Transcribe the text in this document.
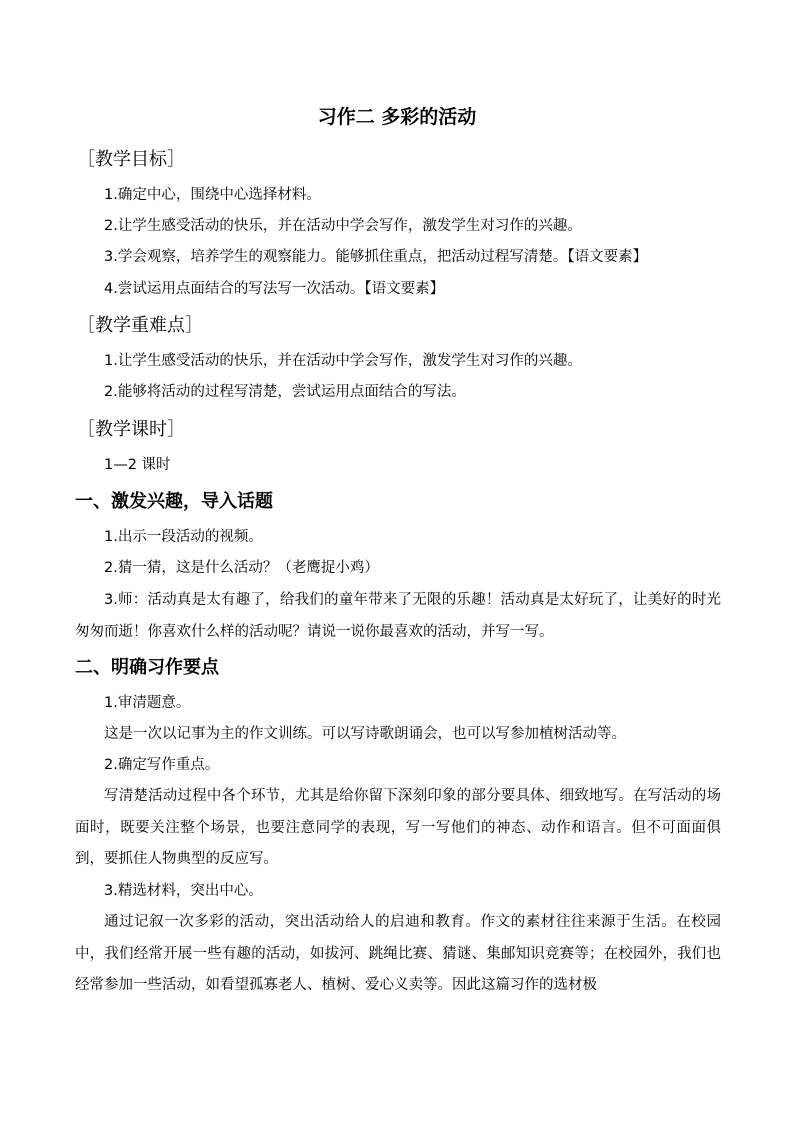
习作二 多彩的活动
［教学目标］
1.确定中心，围绕中心选择材料。
2.让学生感受活动的快乐，并在活动中学会写作，激发学生对习作的兴趣。
3.学会观察，培养学生的观察能力。能够抓住重点，把活动过程写清楚。【语文要素】
4.尝试运用点面结合的写法写一次活动。【语文要素】
［教学重难点］
1.让学生感受活动的快乐，并在活动中学会写作，激发学生对习作的兴趣。
2.能够将活动的过程写清楚，尝试运用点面结合的写法。
［教学课时］
1—2 课时
一、激发兴趣，导入话题
1.出示一段活动的视频。
2.猜一猜，这是什么活动？（老鹰捉小鸡）
3.师：活动真是太有趣了，给我们的童年带来了无限的乐趣！活动真是太好玩了，让美好的时光匆匆而逝！你喜欢什么样的活动呢？请说一说你最喜欢的活动，并写一写。
二、明确习作要点
1.审清题意。
这是一次以记事为主的作文训练。可以写诗歌朗诵会，也可以写参加植树活动等。
2.确定写作重点。
写清楚活动过程中各个环节，尤其是给你留下深刻印象的部分要具体、细致地写。在写活动的场面时，既要关注整个场景，也要注意同学的表现，写一写他们的神态、动作和语言。但不可面面俱到，要抓住人物典型的反应写。
3.精选材料，突出中心。
通过记叙一次多彩的活动，突出活动给人的启迪和教育。作文的素材往往来源于生活。在校园中，我们经常开展一些有趣的活动，如拔河、跳绳比赛、猜谜、集邮知识竞赛等；在校园外，我们也经常参加一些活动，如看望孤寡老人、植树、爱心义卖等。因此这篇习作的选材极
